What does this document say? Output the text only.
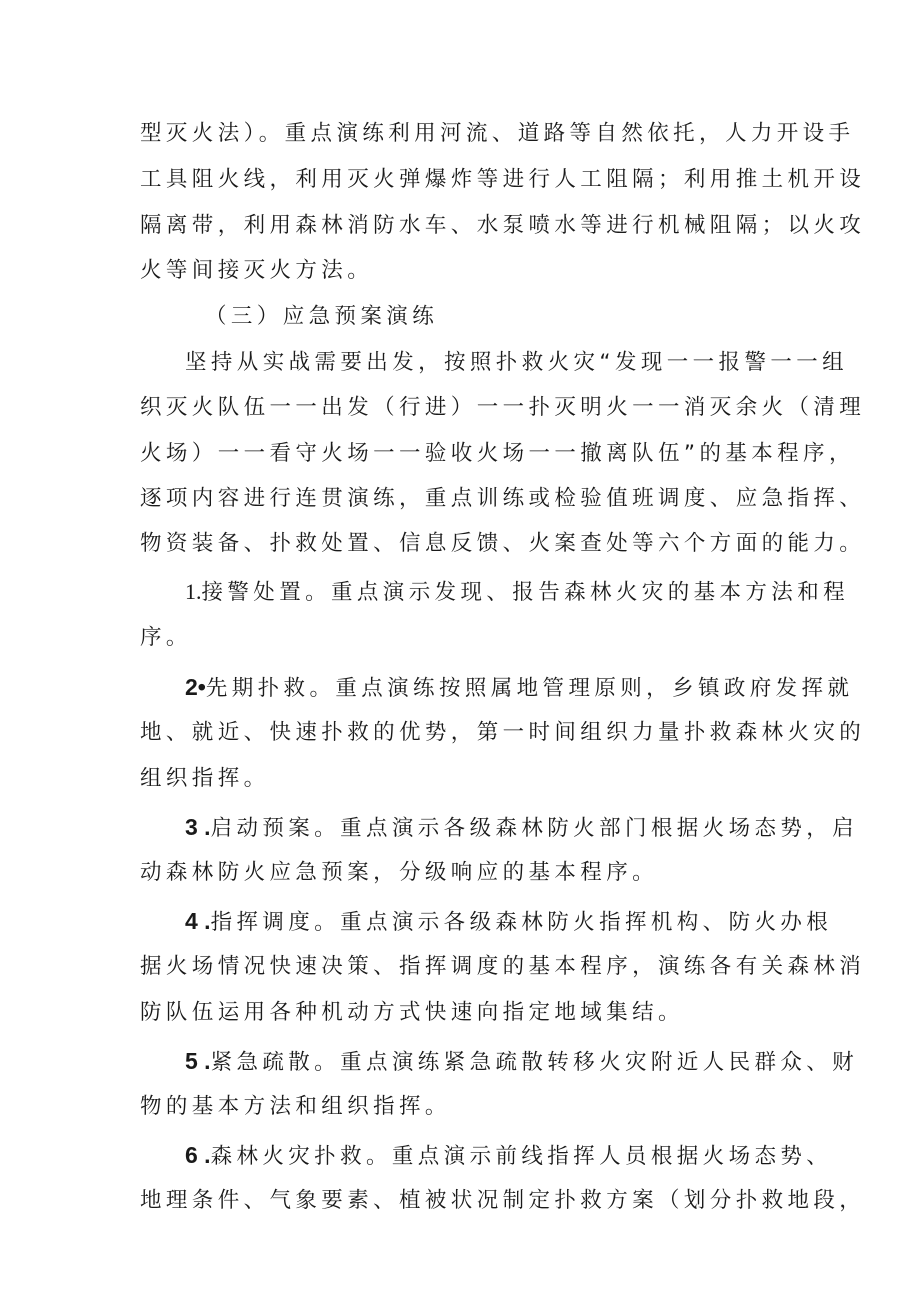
型灭火法）。重点演练利用河流、道路等自然依托，人力开设手
工具阻火线，利用灭火弹爆炸等进行人工阻隔；利用推土机开设
隔离带，利用森林消防水车、水泵喷水等进行机械阻隔；以火攻
火等间接灭火方法。
（三）应急预案演练
坚持从实战需要出发，按照扑救火灾“发现一一报警一一组
织灭火队伍一一出发（行进）一一扑灭明火一一消灭余火（清理
火场）一一看守火场一一验收火场一一撤离队伍”的基本程序，
逐项内容进行连贯演练，重点训练或检验值班调度、应急指挥、
物资装备、扑救处置、信息反馈、火案查处等六个方面的能力。
1.接警处置。重点演示发现、报告森林火灾的基本方法和程
序。
2•先期扑救。重点演练按照属地管理原则，乡镇政府发挥就
地、就近、快速扑救的优势，第一时间组织力量扑救森林火灾的
组织指挥。
3 .启动预案。重点演示各级森林防火部门根据火场态势，启
动森林防火应急预案，分级响应的基本程序。
4 .指挥调度。重点演示各级森林防火指挥机构、防火办根
据火场情况快速决策、指挥调度的基本程序，演练各有关森林消
防队伍运用各种机动方式快速向指定地域集结。
5 .紧急疏散。重点演练紧急疏散转移火灾附近人民群众、财
物的基本方法和组织指挥。
6 .森林火灾扑救。重点演示前线指挥人员根据火场态势、
地理条件、气象要素、植被状况制定扑救方案（划分扑救地段，
